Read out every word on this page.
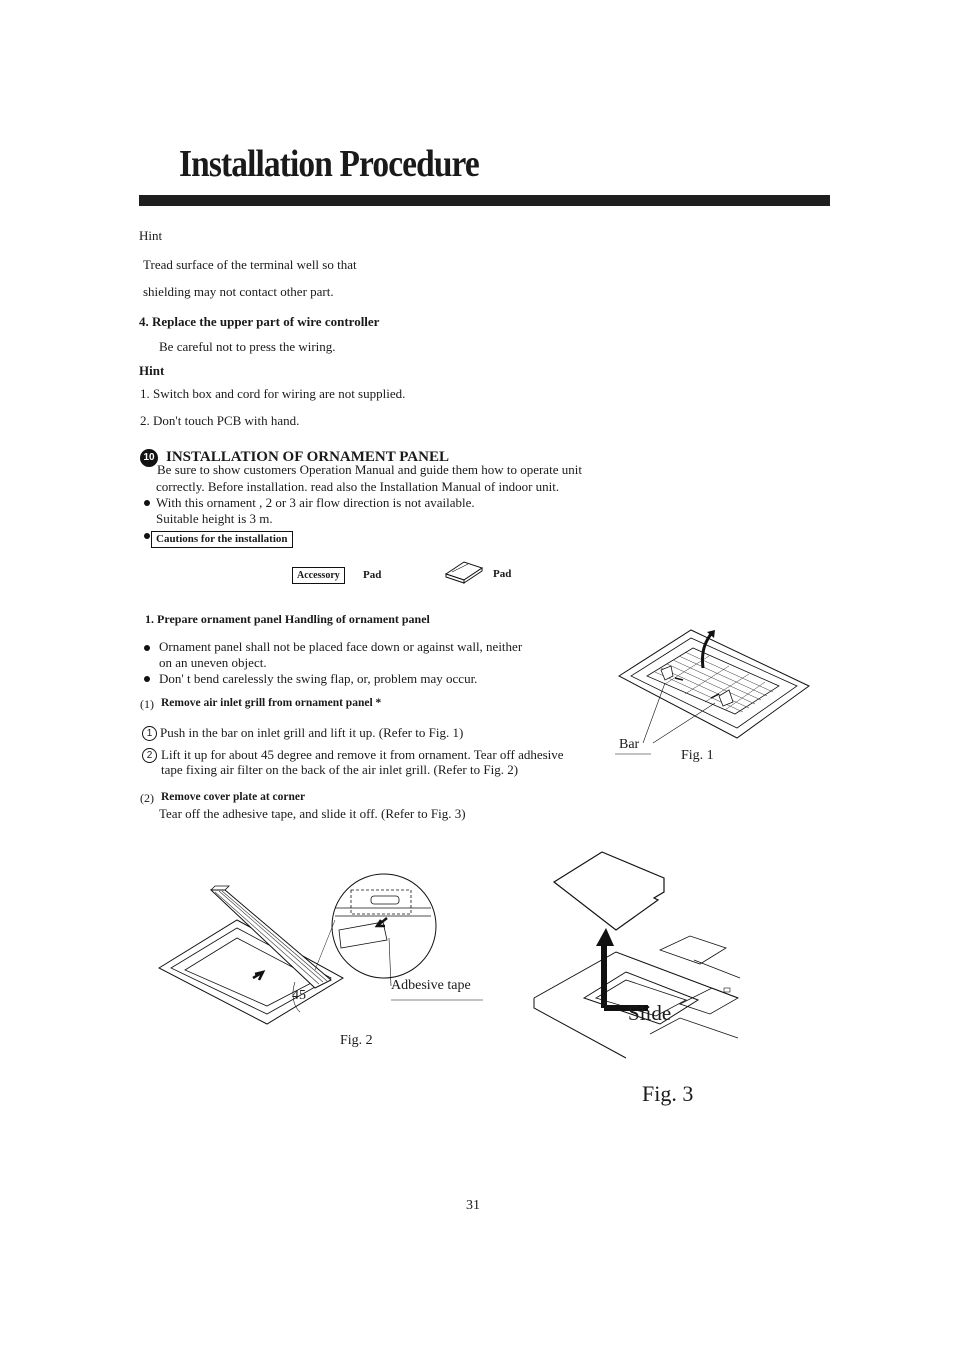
Installation Procedure
Hint
Tread surface of the terminal well so that
shielding may not contact other part.
4. Replace the upper part of wire controller
Be careful not to press the wiring.
Hint
1. Switch box and cord for wiring are not supplied.
2. Don't touch PCB with hand.
10 INSTALLATION OF ORNAMENT PANEL
Be sure to show customers Operation Manual and guide them how to operate unit
correctly. Before installation. read also the Installation Manual of indoor unit.
With this ornament , 2 or 3 air flow direction is not available.
Suitable height is 3 m.
Cautions for the installation
Accessory	Pad	Pad
1. Prepare ornament panel Handling of ornament panel
Ornament panel shall not be placed face down or against wall, neither
on an uneven object.
Don' t bend carelessly the swing flap, or, problem may occur.
(1) Remove air inlet grill from ornament panel *
1 Push in the bar on inlet grill and lift it up. (Refer to Fig. 1)
2 Lift it up for about 45 degree and remove it from ornament. Tear off adhesive
tape fixing air filter on the back of the air inlet grill. (Refer to Fig. 2)
(2) Remove cover plate at corner
Tear off the adhesive tape, and slide it off. (Refer to Fig. 3)
Bar
Fig. 1
45
Adbesive tape
Fig. 2
Slide
Fig. 3
31
